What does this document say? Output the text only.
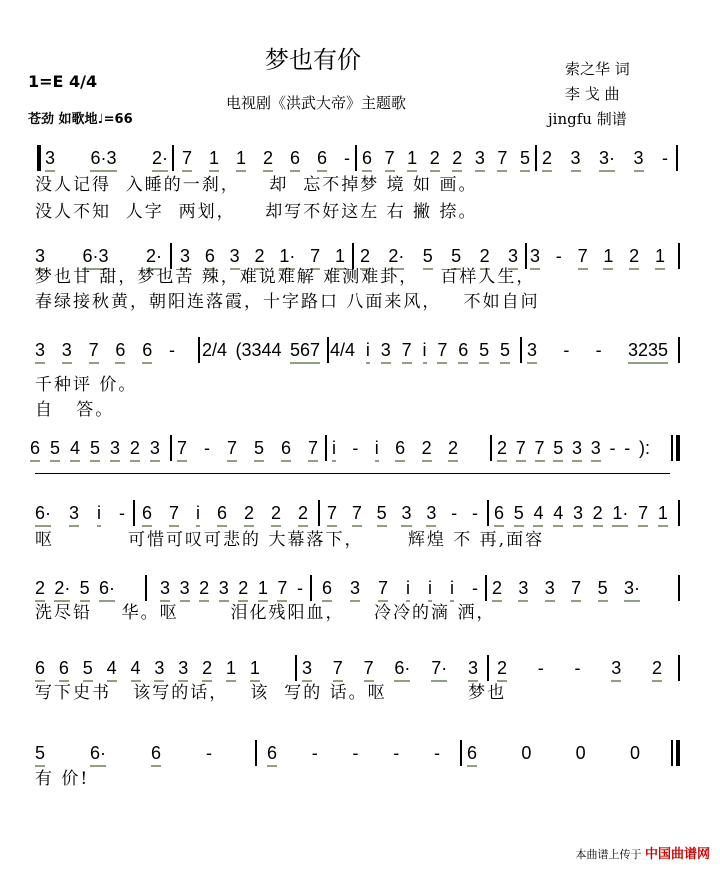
梦也有价
1=E 4/4
苍劲 如歌地♩=66
电视剧《洪武大帝》主题歌
索之华 词
李 戈 曲
jingfu 制谱
3 6·3 2· 7 1 1 2 6 6 - 6 7 1 2 2 3 7 5 2 3 3· 3 -
没人记得  入睡的一刹，    却  忘不掉梦 境 如 画。
没人不知  人字  两划，    却写不好这左 右 撇 捺。
3 6·3 2· 3 6 3 2 1· 7 1 2 2· 5 5 2 3 3 - 7 1 2 1
梦也甘 甜，梦也苦 辣，难说难解 难测难卦，   百样人生，
春绿接秋黄，朝阳连落霞，十字路口 八面来风，   不如自问
3 3 7 6 6 - 2/4 (3344 567 4/4 i 3 7 i 7 6 5 5 3 - - 3235
千种评 价。
自   答。
6 5 4 5 3 2 3 7 - 7 5 6 7 i - i 6 2 2 2 7 7 5 3 3 - - ):
6· 3 i - 6 7 i 6 2 2 2 7 7 5 3 3 - - 6 5 4 4 3 2 1· 7 1
呕          可惜可叹可悲的 大幕落下，      辉煌 不 再,面容
2 2· 5 6·	3 3 2 3 2 1 7 - 6 3 7 i i i - 2 3 3 7 5 3·
洗尽铅    华。呕       泪化残阳血，    冷冷的滴 洒，
6 6 5 4 4 3 3 2 1 1 3 7 7 6· 7· 3 2 - - 3 2
写下史书   该写的话，   该  写的 话。呕           梦也
5 6· 6 -	6 - - - - 6 0 0 0
有 价!
本曲谱上传于 中国曲谱网
